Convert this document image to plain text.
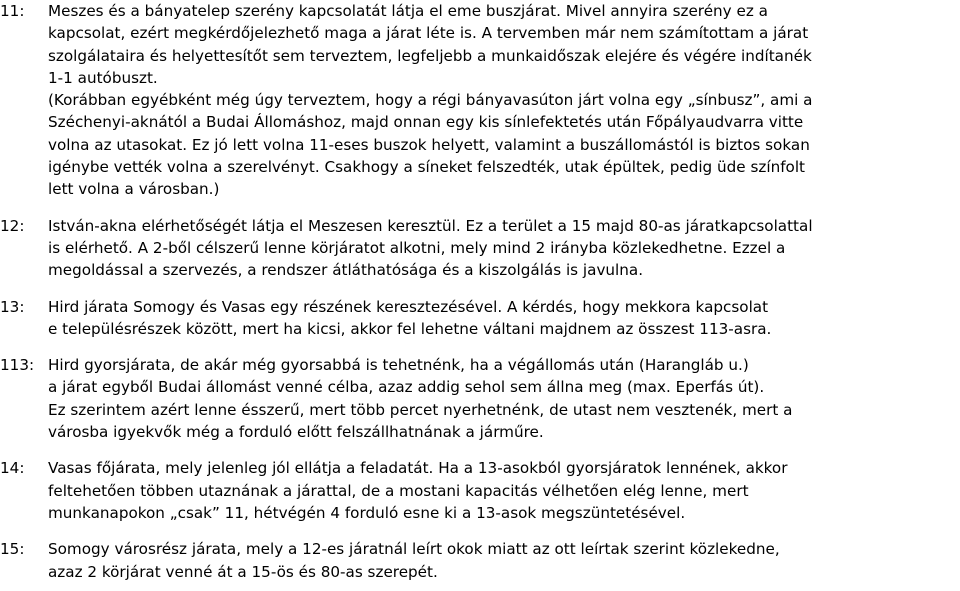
11:	Meszes és a bányatelep szerény kapcsolatát látja el eme buszjárat. Mivel annyira szerény ez a
kapcsolat, ezért megkérdőjelezhető maga a járat léte is. A tervemben már nem számítottam a járat
szolgálataira és helyettesítőt sem terveztem, legfeljebb a munkaidőszak elejére és végére indítanék
1-1 autóbuszt.
(Korábban egyébként még úgy terveztem, hogy a régi bányavasúton járt volna egy „sínbusz”, ami a
Széchenyi-aknától a Budai Állomáshoz, majd onnan egy kis sínlefektetés után Főpályaudvarra vitte
volna az utasokat. Ez jó lett volna 11-eses buszok helyett, valamint a buszállomástól is biztos sokan
igénybe vették volna a szerelvényt. Csakhogy a síneket felszedték, utak épültek, pedig üde színfolt
lett volna a városban.)
12:	István-akna elérhetőségét látja el Meszesen keresztül. Ez a terület a 15 majd 80-as járatkapcsolattal
is elérhető. A 2-ből célszerű lenne körjáratot alkotni, mely mind 2 irányba közlekedhetne. Ezzel a
megoldással a szervezés, a rendszer átláthatósága és a kiszolgálás is javulna.
13:	Hird járata Somogy és Vasas egy részének keresztezésével. A kérdés, hogy mekkora kapcsolat
e településrészek között, mert ha kicsi, akkor fel lehetne váltani majdnem az összest 113-asra.
113: Hird gyorsjárata, de akár még gyorsabbá is tehetnénk, ha a végállomás után (Harangláb u.)
a járat egyből Budai állomást venné célba, azaz addig sehol sem állna meg (max. Eperfás út).
Ez szerintem azért lenne ésszerű, mert több percet nyerhetnénk, de utast nem vesztenék, mert a
városba igyekvők még a forduló előtt felszállhatnának a járműre.
14:	Vasas főjárata, mely jelenleg jól ellátja a feladatát. Ha a 13-asokból gyorsjáratok lennének, akkor
feltehetően többen utaznának a járattal, de a mostani kapacitás vélhetően elég lenne, mert
munkanapokon „csak” 11, hétvégén 4 forduló esne ki a 13-asok megszüntetésével.
15:	Somogy városrész járata, mely a 12-es járatnál leírt okok miatt az ott leírtak szerint közlekedne,
azaz 2 körjárat venné át a 15-ös és 80-as szerepét.
